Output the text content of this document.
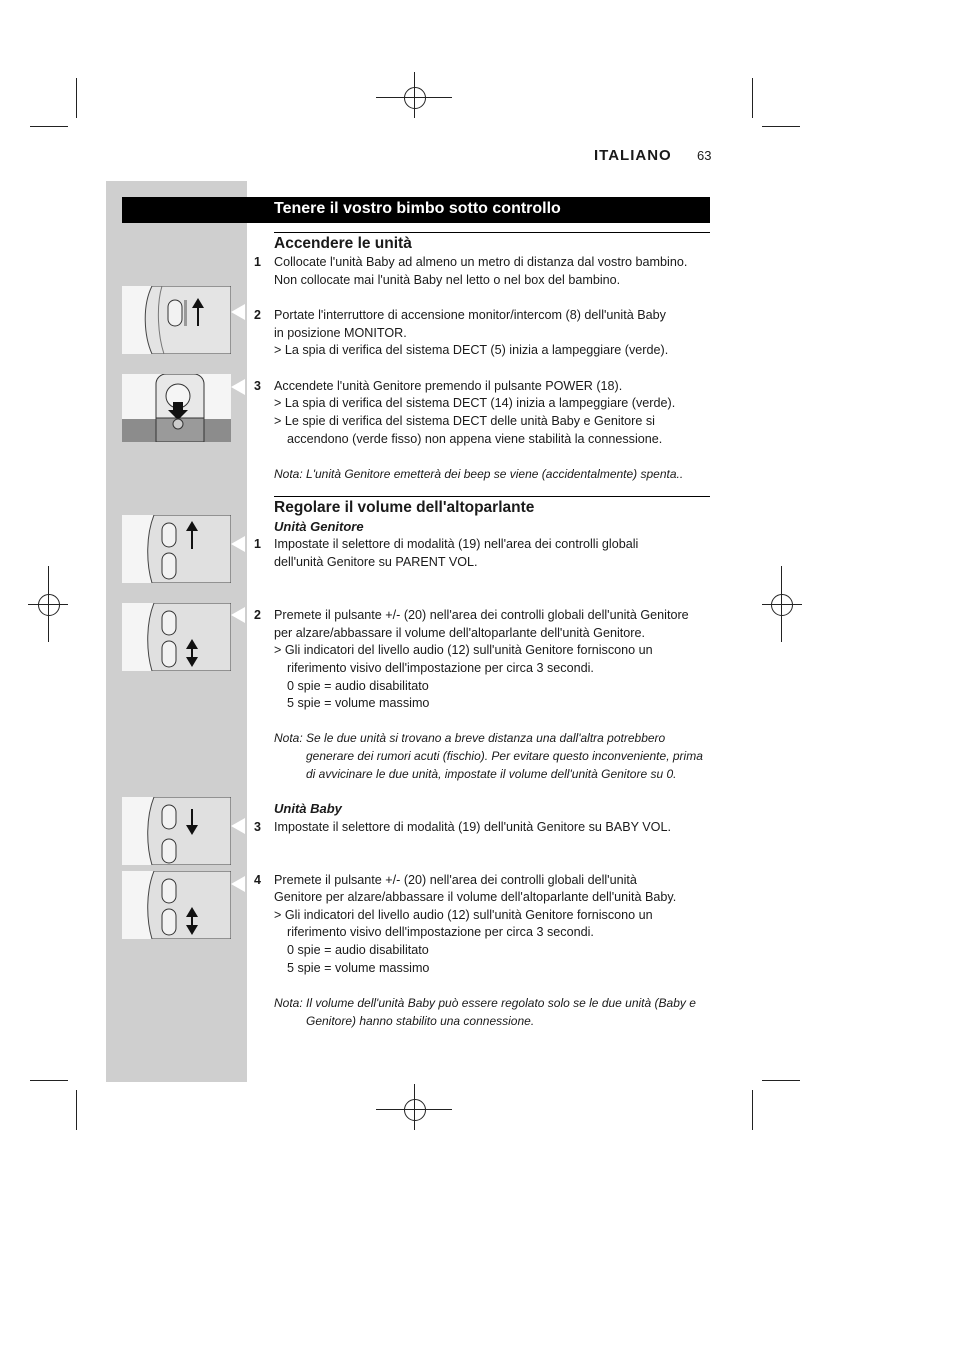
ITALIANO 63
Tenere il vostro bimbo sotto controllo
Accendere le unità
1 Collocate l'unità Baby ad almeno un metro di distanza dal vostro bambino.
Non collocate mai l'unità Baby nel letto o nel box del bambino.
2 Portate l'interruttore di accensione monitor/intercom (8) dell'unità Baby
in posizione MONITOR.
> La spia di verifica del sistema DECT (5) inizia a lampeggiare (verde).
3 Accendete l'unità Genitore premendo il pulsante POWER (18).
> La spia di verifica del sistema DECT (14) inizia a lampeggiare (verde).
> Le spie di verifica del sistema DECT delle unità Baby e Genitore si
accendono (verde fisso) non appena viene stabilità la connessione.
Nota: L'unità Genitore emetterà dei beep se viene (accidentalmente) spenta..
Regolare il volume dell'altoparlante
Unità Genitore
1 Impostate il selettore di modalità (19) nell'area dei controlli globali
dell'unità Genitore su PARENT VOL.
2 Premete il pulsante +/- (20) nell'area dei controlli globali dell'unità Genitore
per alzare/abbassare il volume dell'altoparlante dell'unità Genitore.
> Gli indicatori del livello audio (12) sull'unità Genitore forniscono un
riferimento visivo dell'impostazione per circa 3 secondi.
0 spie = audio disabilitato
5 spie = volume massimo
Nota: Se le due unità si trovano a breve distanza una dall'altra potrebbero
generare dei rumori acuti (fischio). Per evitare questo inconveniente, prima
di avvicinare le due unità, impostate il volume dell'unità Genitore su 0.
Unità Baby
3 Impostate il selettore di modalità (19) dell'unità Genitore su BABY VOL.
4 Premete il pulsante +/- (20) nell'area dei controlli globali dell'unità
Genitore per alzare/abbassare il volume dell'altoparlante dell'unità Baby.
> Gli indicatori del livello audio (12) sull'unità Genitore forniscono un
riferimento visivo dell'impostazione per circa 3 secondi.
0 spie = audio disabilitato
5 spie = volume massimo
Nota: Il volume dell'unità Baby può essere regolato solo se le due unità (Baby e
Genitore) hanno stabilito una connessione.
